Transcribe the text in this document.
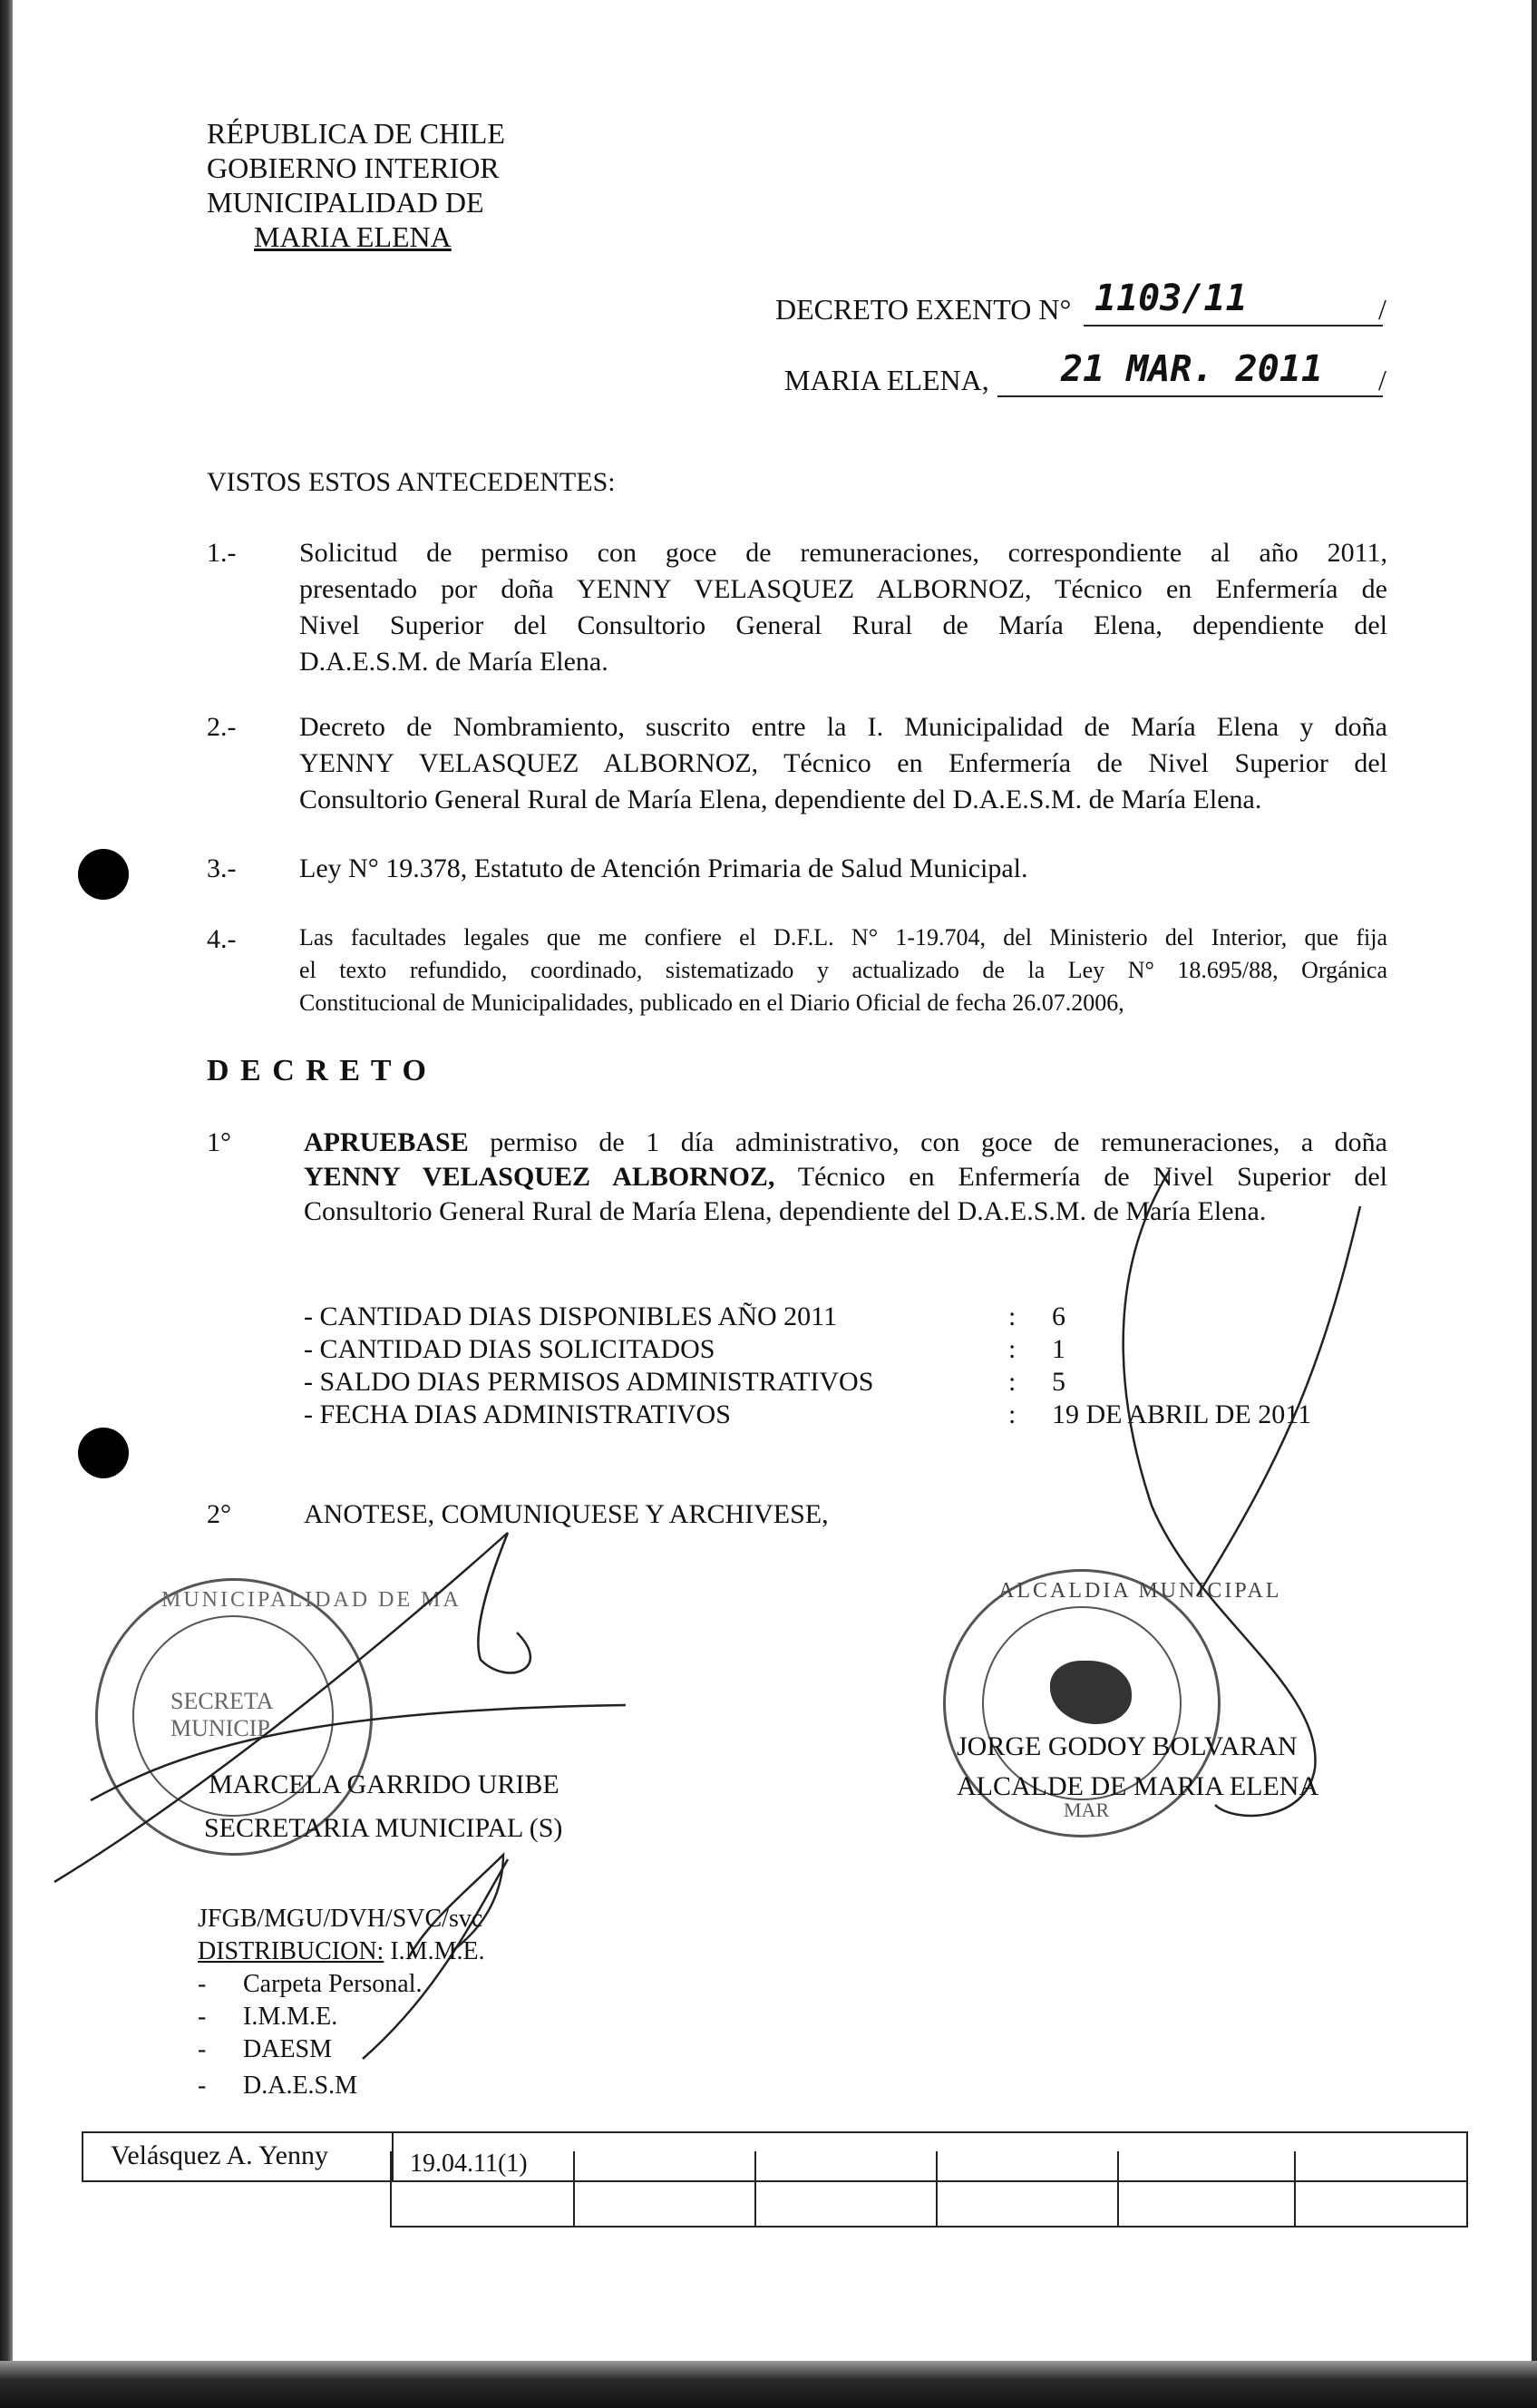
RÉPUBLICA DE CHILE
GOBIERNO INTERIOR
MUNICIPALIDAD DE
MARIA ELENA
DECRETO EXENTO N° 1103/11	/
MARIA ELENA, 21 MAR. 2011 /
VISTOS ESTOS ANTECEDENTES:
1.- Solicitud de permiso con goce de remuneraciones, correspondiente al año 2011,
presentado por doña YENNY VELASQUEZ ALBORNOZ, Técnico en Enfermería de
Nivel Superior del Consultorio General Rural de María Elena, dependiente del
D.A.E.S.M. de María Elena.
2.- Decreto de Nombramiento, suscrito entre la I. Municipalidad de María Elena y doña
YENNY VELASQUEZ ALBORNOZ, Técnico en Enfermería de Nivel Superior del
Consultorio General Rural de María Elena, dependiente del D.A.E.S.M. de María Elena.
3.- Ley N° 19.378, Estatuto de Atención Primaria de Salud Municipal.
4.-	Las facultades legales que me confiere el D.F.L. N° 1-19.704, del Ministerio del Interior, que fija
el texto refundido, coordinado, sistematizado y actualizado de la Ley N° 18.695/88, Orgánica
Constitucional de Municipalidades, publicado en el Diario Oficial de fecha 26.07.2006,
D E C R E T O
1°	APRUEBASE permiso de 1 día administrativo, con goce de remuneraciones, a doña
YENNY VELASQUEZ ALBORNOZ, Técnico en Enfermería de Nivel Superior del
Consultorio General Rural de María Elena, dependiente del D.A.E.S.M. de María Elena.
- CANTIDAD DIAS DISPONIBLES AÑO 2011	: 6
- CANTIDAD DIAS SOLICITADOS	: 1
- SALDO DIAS PERMISOS ADMINISTRATIVOS	: 5
- FECHA DIAS ADMINISTRATIVOS	: 19 DE ABRIL DE 2011
2°	ANOTESE, COMUNIQUESE Y ARCHIVESE,
MUNICIPALIDAD DE MA
SECRETA
MUNICIP
ALCALDIA MUNICIPAL
MAR
MARCELA GARRIDO URIBE
SECRETARIA MUNICIPAL (S)
JORGE GODOY BOLVARAN
ALCALDE DE MARIA ELENA
JFGB/MGU/DVH/SVC/svc
DISTRIBUCION: I.M.M.E.
- Carpeta Personal.
- I.M.M.E.
- DAESM
- D.A.E.S.M
Velásquez A. Yenny	19.04.11(1)
